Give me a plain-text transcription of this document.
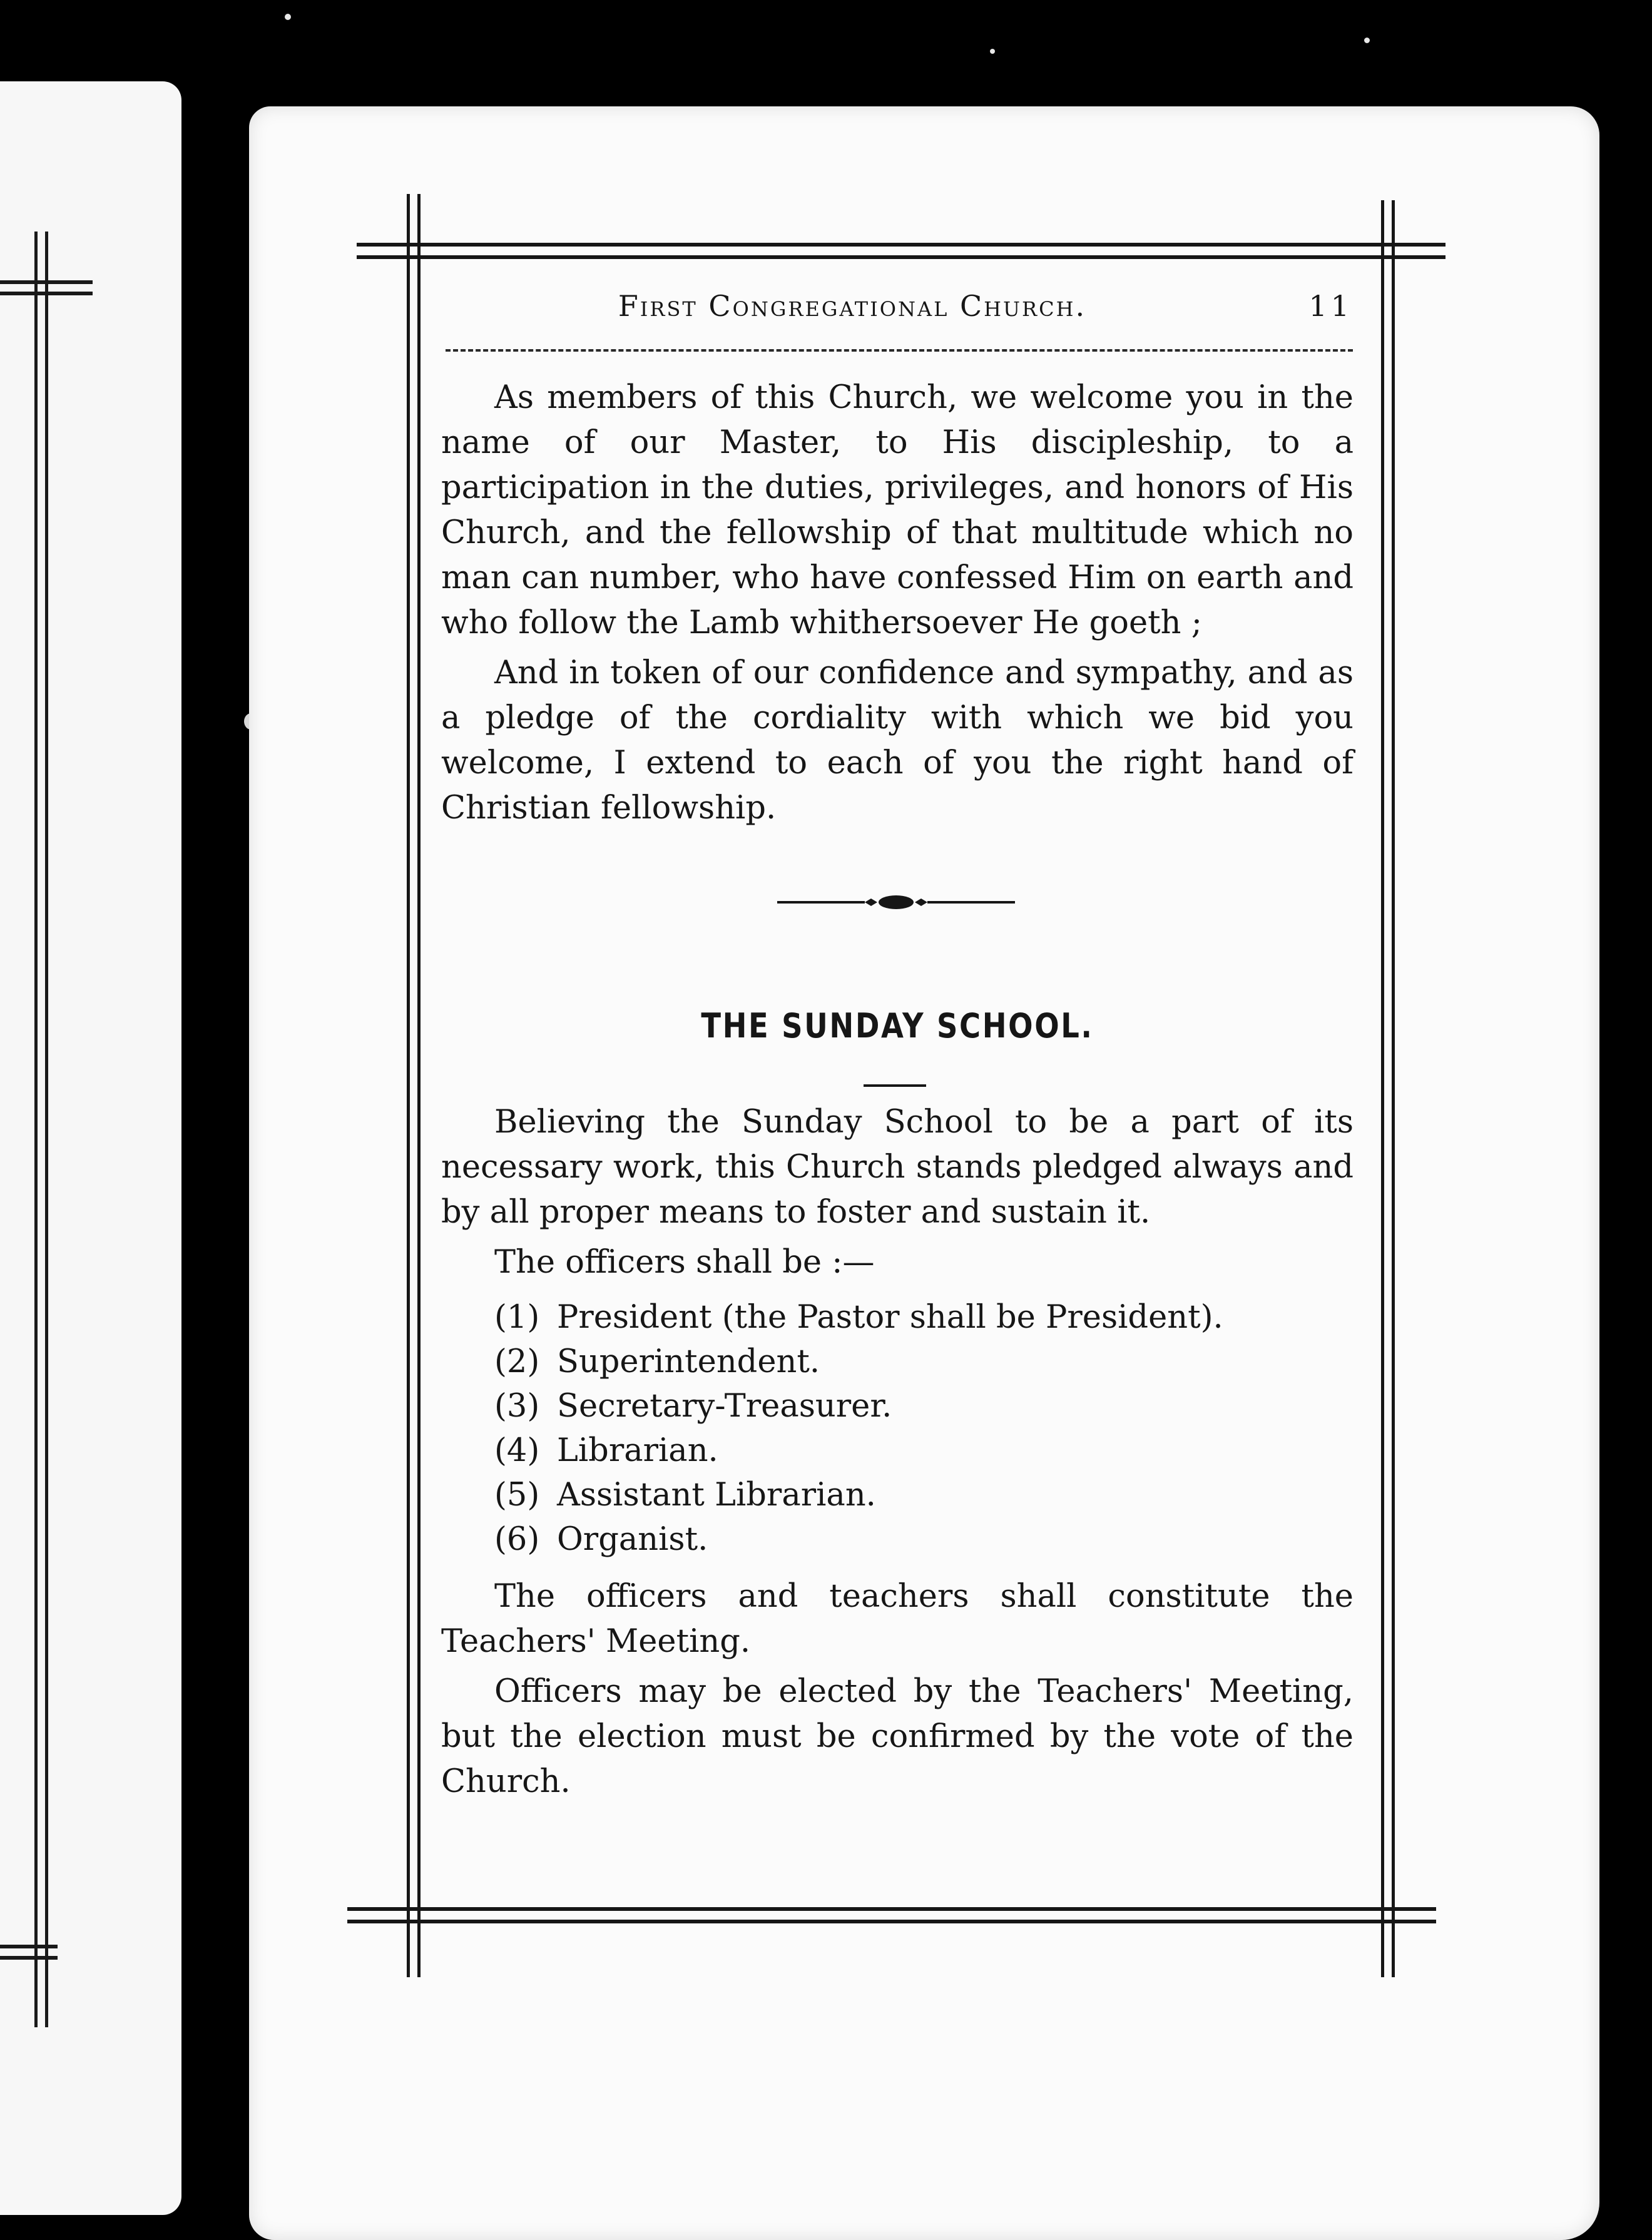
First Congregational Church.	11

As members of this Church, we welcome you in the name of our Master, to His discipleship, to a participation in the duties, privileges, and honors of His Church, and the fellowship of that multitude which no man can number, who have confessed Him on earth and who follow the Lamb whithersoever He goeth ;

And in token of our confidence and sympathy, and as a pledge of the cordiality with which we bid you welcome, I extend to each of you the right hand of Christian fellowship.

THE SUNDAY SCHOOL.

Believing the Sunday School to be a part of its necessary work, this Church stands pledged always and by all proper means to foster and sustain it.

The officers shall be :—

(1) President (the Pastor shall be President).
(2) Superintendent.
(3) Secretary-Treasurer.
(4) Librarian.
(5) Assistant Librarian.
(6) Organist.

The officers and teachers shall constitute the Teachers' Meeting.

Officers may be elected by the Teachers' Meeting, but the election must be confirmed by the vote of the Church.
